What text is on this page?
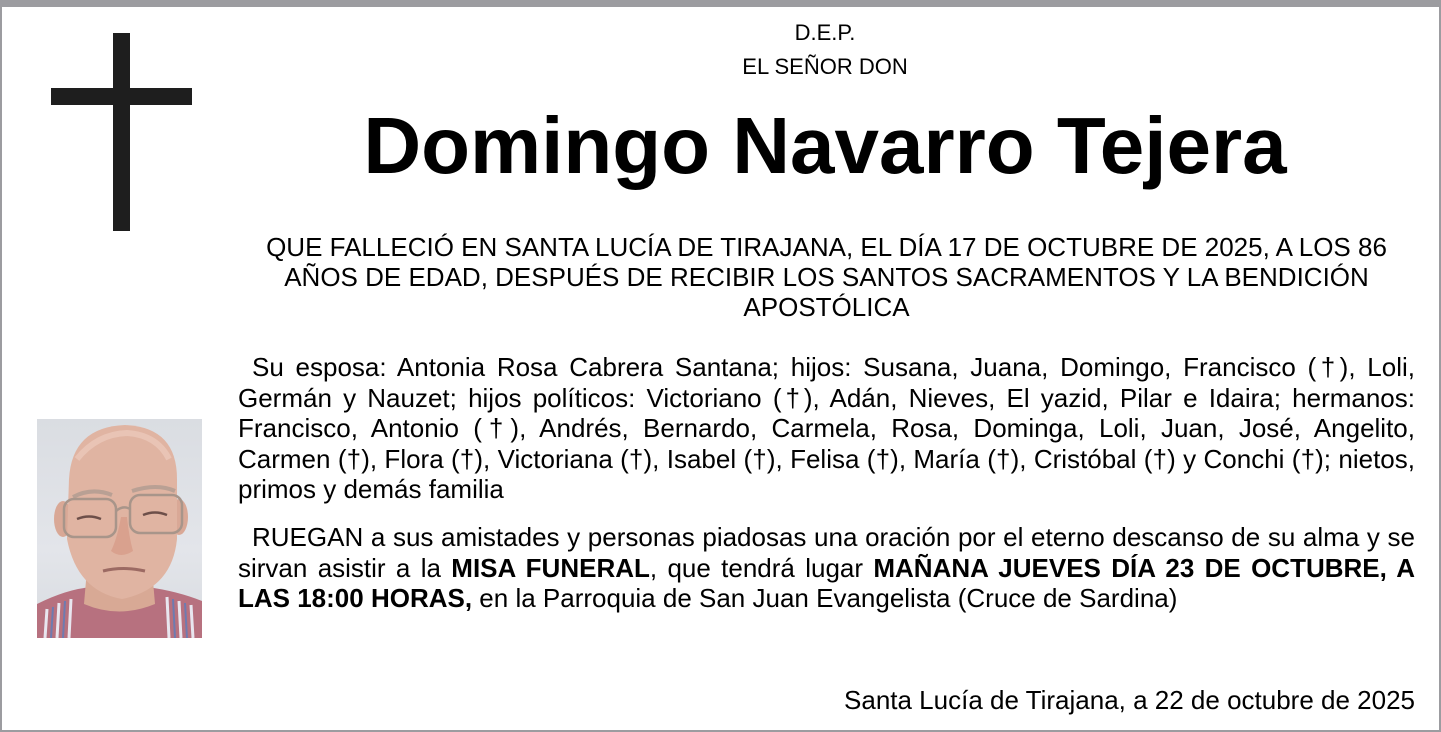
D.E.P.
EL SEÑOR DON
Domingo Navarro Tejera
QUE FALLECIÓ EN SANTA LUCÍA DE TIRAJANA, EL DÍA 17 DE OCTUBRE DE 2025, A LOS 86 AÑOS DE EDAD, DESPUÉS DE RECIBIR LOS SANTOS SACRAMENTOS Y LA BENDICIÓN APOSTÓLICA
Su esposa: Antonia Rosa Cabrera Santana; hijos: Susana, Juana, Domingo, Francisco (†), Loli, Germán y Nauzet; hijos políticos: Victoriano (†), Adán, Nieves, El yazid, Pilar e Idaira; hermanos: Francisco, Antonio (†), Andrés, Bernardo, Carmela, Rosa, Dominga, Loli, Juan, José, Angelito, Carmen (†), Flora (†), Victoriana (†), Isabel (†), Felisa (†), María (†), Cristóbal (†) y Conchi (†); nietos, primos y demás familia
RUEGAN a sus amistades y personas piadosas una oración por el eterno descanso de su alma y se sirvan asistir a la MISA FUNERAL, que tendrá lugar MAÑANA JUEVES DÍA 23 DE OCTUBRE, A LAS 18:00 HORAS, en la Parroquia de San Juan Evangelista (Cruce de Sardina)
Santa Lucía de Tirajana, a 22 de octubre de 2025
